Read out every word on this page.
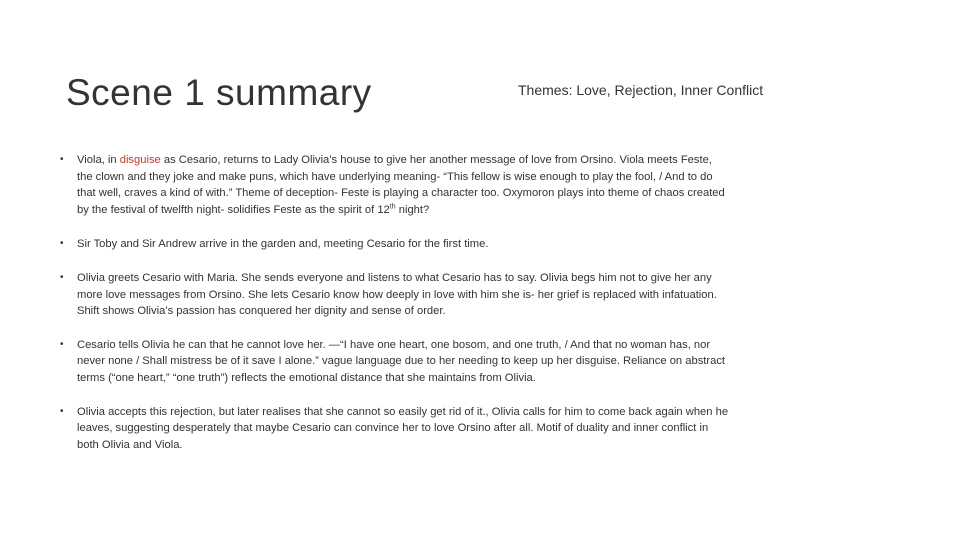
Scene 1 summary	Themes: Love, Rejection, Inner Conflict
• Viola, in disguise as Cesario, returns to Lady Olivia’s house to give her another message of love from Orsino. Viola meets Feste, the clown and they joke and make puns, which have underlying meaning- “This fellow is wise enough to play the fool, / And to do that well, craves a kind of with.” Theme of deception- Feste is playing a character too. Oxymoron plays into theme of chaos created by the festival of twelfth night- solidifies Feste as the spirit of 12th night?
• Sir Toby and Sir Andrew arrive in the garden and, meeting Cesario for the first time.
• Olivia greets Cesario with Maria. She sends everyone and listens to what Cesario has to say. Olivia begs him not to give her any more love messages from Orsino. She lets Cesario know how deeply in love with him she is- her grief is replaced with infatuation. Shift shows Olivia’s passion has conquered her dignity and sense of order.
• Cesario tells Olivia he can that he cannot love her. —“I have one heart, one bosom, and one truth, / And that no woman has, nor never none / Shall mistress be of it save I alone.” vague language due to her needing to keep up her disguise. Reliance on abstract terms (“one heart,” “one truth”) reflects the emotional distance that she maintains from Olivia.
• Olivia accepts this rejection, but later realises that she cannot so easily get rid of it., Olivia calls for him to come back again when he leaves, suggesting desperately that maybe Cesario can convince her to love Orsino after all. Motif of duality and inner conflict in both Olivia and Viola.
